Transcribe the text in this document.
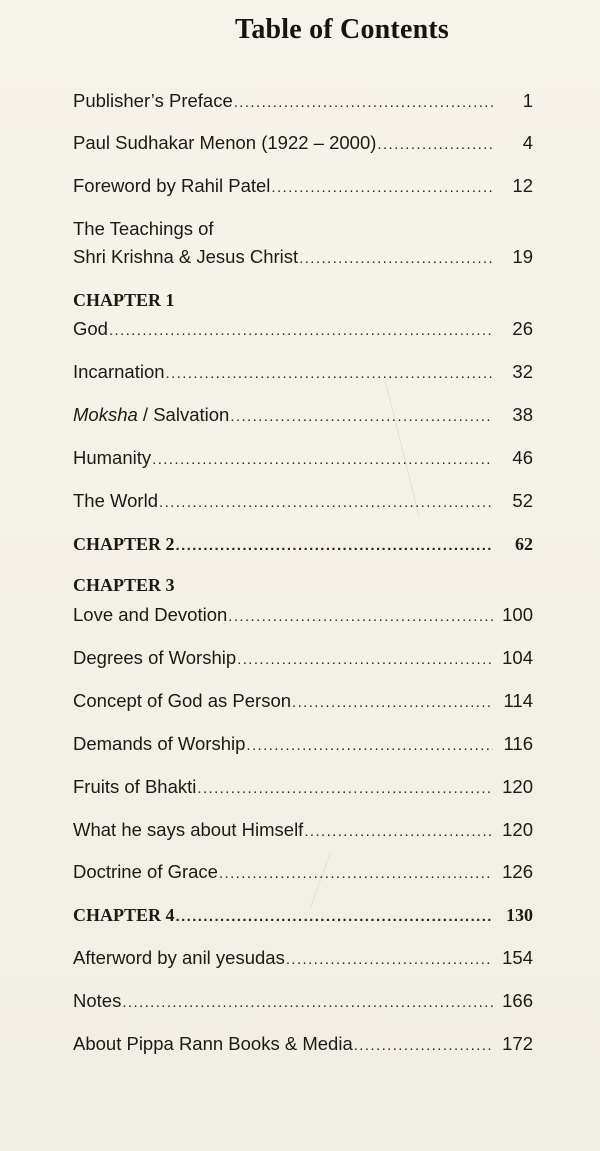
Table of Contents
Publisher’s Preface .....	1
Paul Sudhakar Menon (1922 – 2000) .....	4
Foreword by Rahil Patel .....	12
The Teachings of
Shri Krishna & Jesus Christ .....	19
CHAPTER 1
God .....	26
Incarnation .....	32
Moksha / Salvation .....	38
Humanity .....	46
The World .....	52
CHAPTER 2 .....	62
CHAPTER 3
Love and Devotion .....	100
Degrees of Worship .....	104
Concept of God as Person .....	114
Demands of Worship .....	116
Fruits of Bhakti .....	120
What he says about Himself .....	120
Doctrine of Grace .....	126
CHAPTER 4 .....	130
Afterword by anil yesudas .....	154
Notes .....	166
About Pippa Rann Books & Media .....	172
